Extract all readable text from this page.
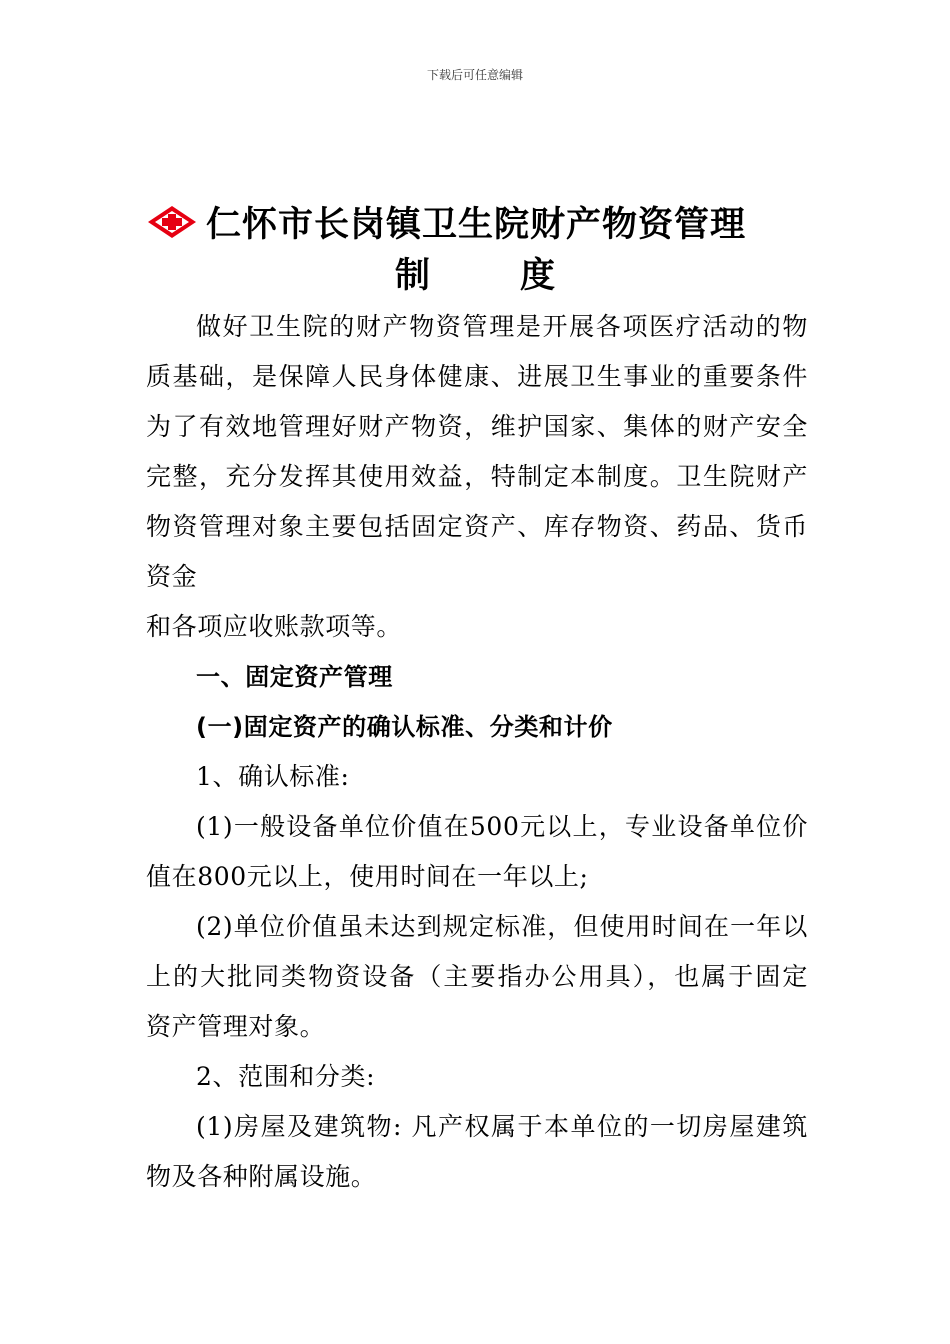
下载后可任意编辑
仁怀市长岗镇卫生院财产物资管理
制	度
做好卫生院的财产物资管理是开展各项医疗活动的物
质基础，是保障人民身体健康、进展卫生事业的重要条件
为了有效地管理好财产物资，维护国家、集体的财产安全
完整，充分发挥其使用效益，特制定本制度。卫生院财产
物资管理对象主要包括固定资产、库存物资、药品、货币
资金
和各项应收账款项等。
一、固定资产管理
(一)固定资产的确认标准、分类和计价
1、确认标准:
(1)一般设备单位价值在500元以上，专业设备单位价
值在800元以上，使用时间在一年以上;
(2)单位价值虽未达到规定标准，但使用时间在一年以
上的大批同类物资设备（主要指办公用具），也属于固定
资产管理对象。
2、范围和分类:
(1)房屋及建筑物: 凡产权属于本单位的一切房屋建筑
物及各种附属设施。
